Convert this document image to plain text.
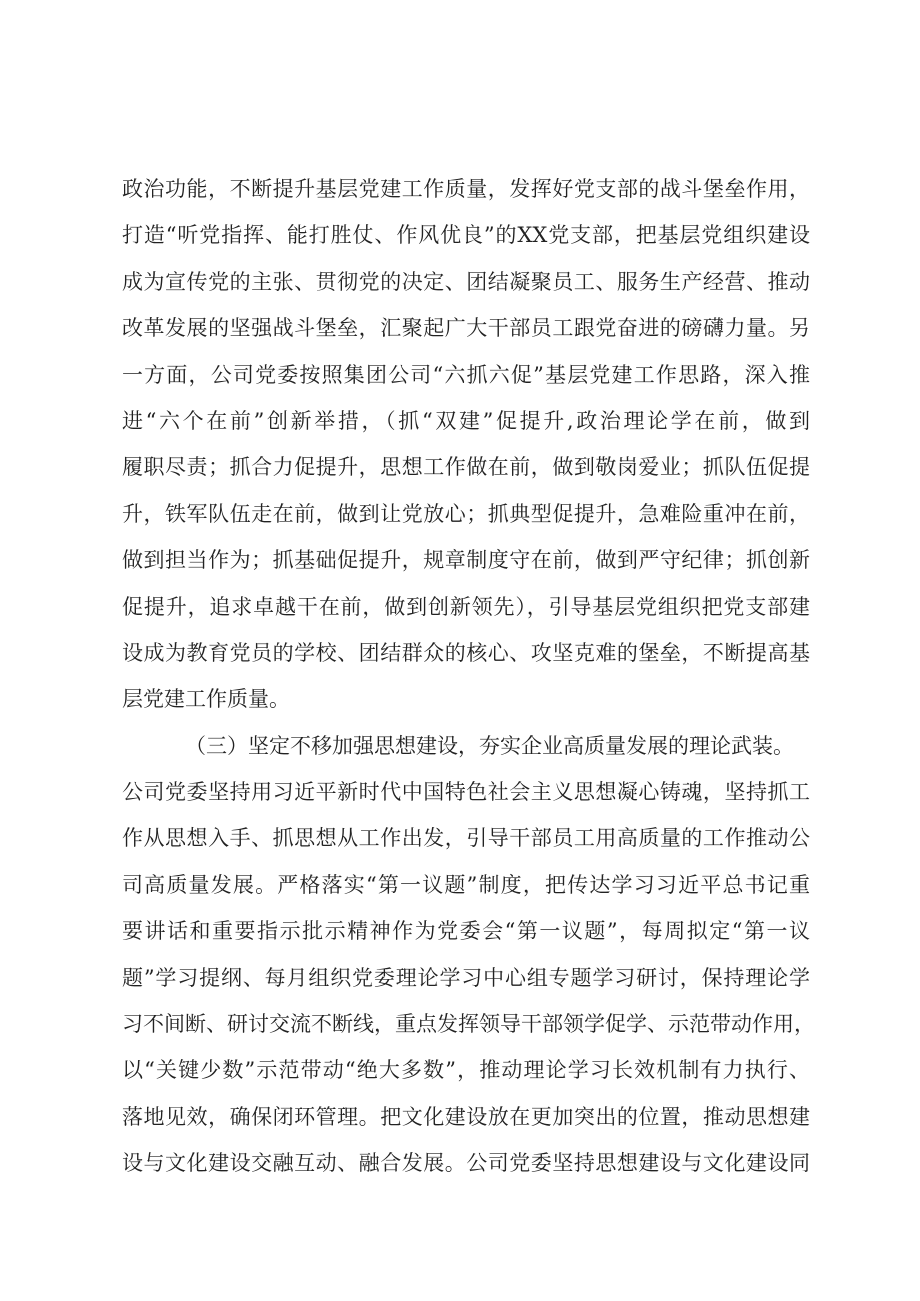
政治功能，不断提升基层党建工作质量，发挥好党支部的战斗堡垒作用，
打造“听党指挥、能打胜仗、作风优良”的XX党支部，把基层党组织建设
成为宣传党的主张、贯彻党的决定、团结凝聚员工、服务生产经营、推动
改革发展的坚强战斗堡垒，汇聚起广大干部员工跟党奋进的磅礴力量。另
一方面，公司党委按照集团公司“六抓六促”基层党建工作思路，深入推
进“六个在前”创新举措，（抓“双建”促提升,政治理论学在前，做到
履职尽责；抓合力促提升，思想工作做在前，做到敬岗爱业；抓队伍促提
升，铁军队伍走在前，做到让党放心；抓典型促提升，急难险重冲在前，
做到担当作为；抓基础促提升，规章制度守在前，做到严守纪律；抓创新
促提升，追求卓越干在前，做到创新领先），引导基层党组织把党支部建
设成为教育党员的学校、团结群众的核心、攻坚克难的堡垒，不断提高基
层党建工作质量。
（三）坚定不移加强思想建设，夯实企业高质量发展的理论武装。
公司党委坚持用习近平新时代中国特色社会主义思想凝心铸魂，坚持抓工
作从思想入手、抓思想从工作出发，引导干部员工用高质量的工作推动公
司高质量发展。严格落实“第一议题”制度，把传达学习习近平总书记重
要讲话和重要指示批示精神作为党委会“第一议题”，每周拟定“第一议
题”学习提纲、每月组织党委理论学习中心组专题学习研讨，保持理论学
习不间断、研讨交流不断线，重点发挥领导干部领学促学、示范带动作用，
以“关键少数”示范带动“绝大多数”，推动理论学习长效机制有力执行、
落地见效，确保闭环管理。把文化建设放在更加突出的位置，推动思想建
设与文化建设交融互动、融合发展。公司党委坚持思想建设与文化建设同
